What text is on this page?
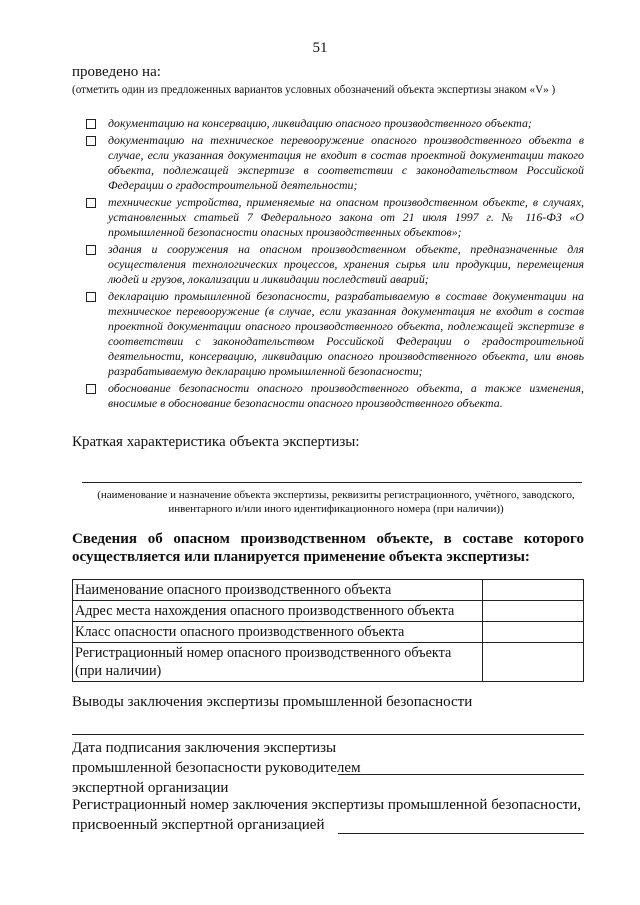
51
проведено на:
(отметить один из предложенных вариантов условных обозначений объекта экспертизы знаком «V» )
документацию на консервацию, ликвидацию опасного производственного объекта;
документацию на техническое перевооружение опасного производственного объекта в случае, если указанная документация не входит в состав проектной документации такого объекта, подлежащей экспертизе в соответствии с законодательством Российской Федерации о градостроительной деятельности;
технические устройства, применяемые на опасном производственном объекте, в случаях, установленных статьей 7 Федерального закона от 21 июля 1997 г. № 116-ФЗ «О промышленной безопасности опасных производственных объектов»;
здания и сооружения на опасном производственном объекте, предназначенные для осуществления технологических процессов, хранения сырья или продукции, перемещения людей и грузов, локализации и ликвидации последствий аварий;
декларацию промышленной безопасности, разрабатываемую в составе документации на техническое перевооружение (в случае, если указанная документация не входит в состав проектной документации опасного производственного объекта, подлежащей экспертизе в соответствии с законодательством Российской Федерации о градостроительной деятельности, консервацию, ликвидацию опасного производственного объекта, или вновь разрабатываемую декларацию промышленной безопасности;
обоснование безопасности опасного производственного объекта, а также изменения, вносимые в обоснование безопасности опасного производственного объекта.
Краткая характеристика объекта экспертизы:
(наименование и назначение объекта экспертизы, реквизиты регистрационного, учётного, заводского, инвентарного и/или иного идентификационного номера (при наличии))
Сведения об опасном производственном объекте, в составе которого осуществляется или планируется применение объекта экспертизы:
Наименование опасного производственного объекта	
Адрес места нахождения опасного производственного объекта	
Класс опасности опасного производственного объекта	
Регистрационный номер опасного производственного объекта (при наличии)	
Выводы заключения экспертизы промышленной безопасности
Дата подписания заключения экспертизы промышленной безопасности руководителем экспертной организации
Регистрационный номер заключения экспертизы промышленной безопасности, присвоенный экспертной организацией
